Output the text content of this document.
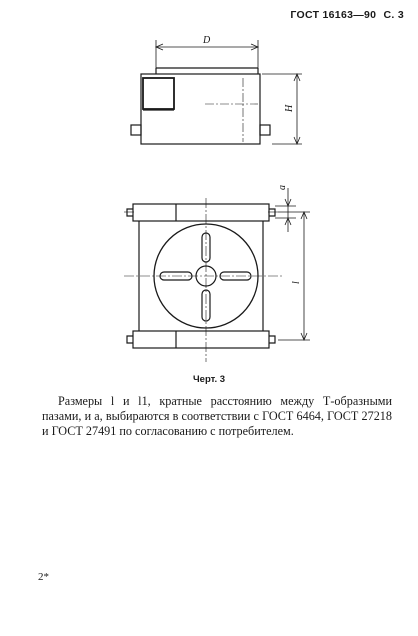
ГОСТ 16163—90 С. 3
D
H
a
l
Черт. 3

Размеры l и l1, кратные расстоянию между Т-образными пазами, и a, выбираются в соответствии с ГОСТ 6464, ГОСТ 27218 и ГОСТ 27491 по согласованию с потребителем.

2*
